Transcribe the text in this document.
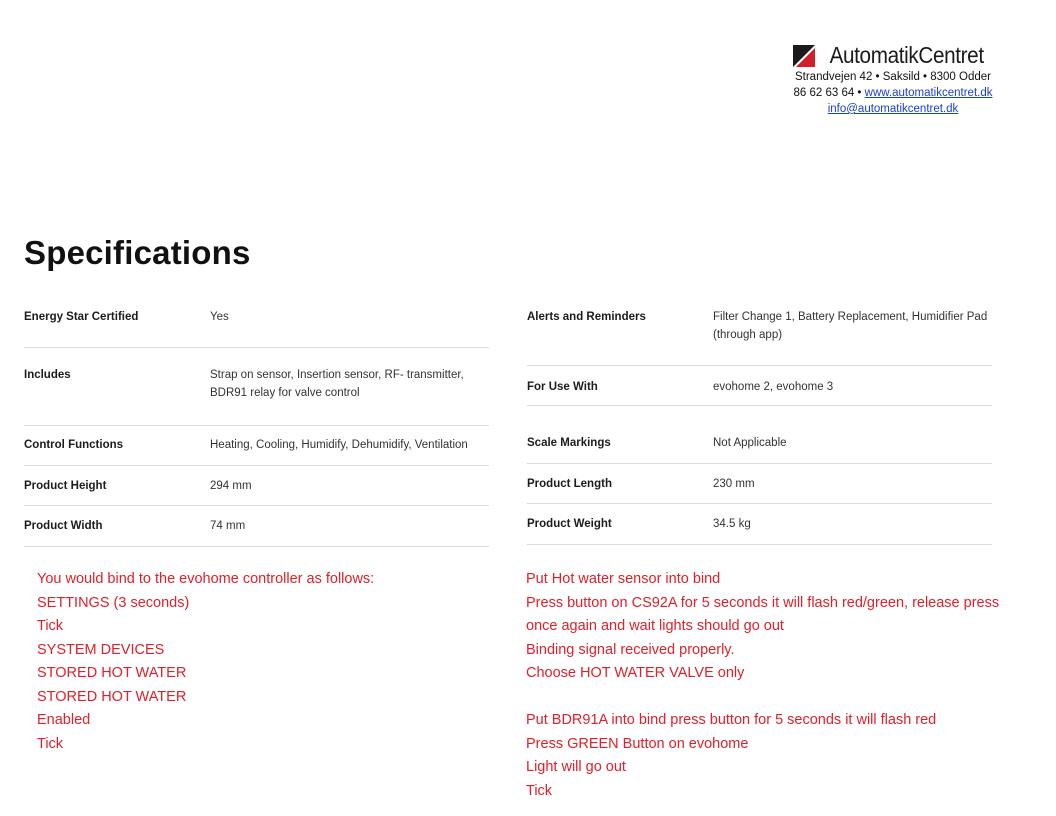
AutomatikCentret
Strandvejen 42 • Saksild • 8300 Odder
86 62 63 64 • www.automatikcentret.dk
info@automatikcentret.dk
Specifications
Energy Star Certified	Yes
Includes	Strap on sensor, Insertion sensor, RF- transmitter, BDR91 relay for valve control
Control Functions	Heating, Cooling, Humidify, Dehumidify, Ventilation
Product Height	294 mm
Product Width	74 mm
Alerts and Reminders	Filter Change 1, Battery Replacement, Humidifier Pad (through app)
For Use With	evohome 2, evohome 3
Scale Markings	Not Applicable
Product Length	230 mm
Product Weight	34.5 kg
You would bind to the evohome controller as follows:
SETTINGS (3 seconds)
Tick
SYSTEM DEVICES
STORED HOT WATER
STORED HOT WATER
Enabled
Tick
Put Hot water sensor into bind
Press button on CS92A for 5 seconds it will flash red/green, release press
once again and wait lights should go out
Binding signal received properly.
Choose HOT WATER VALVE only
Put BDR91A into bind press button for 5 seconds it will flash red
Press GREEN Button on evohome
Light will go out
Tick
